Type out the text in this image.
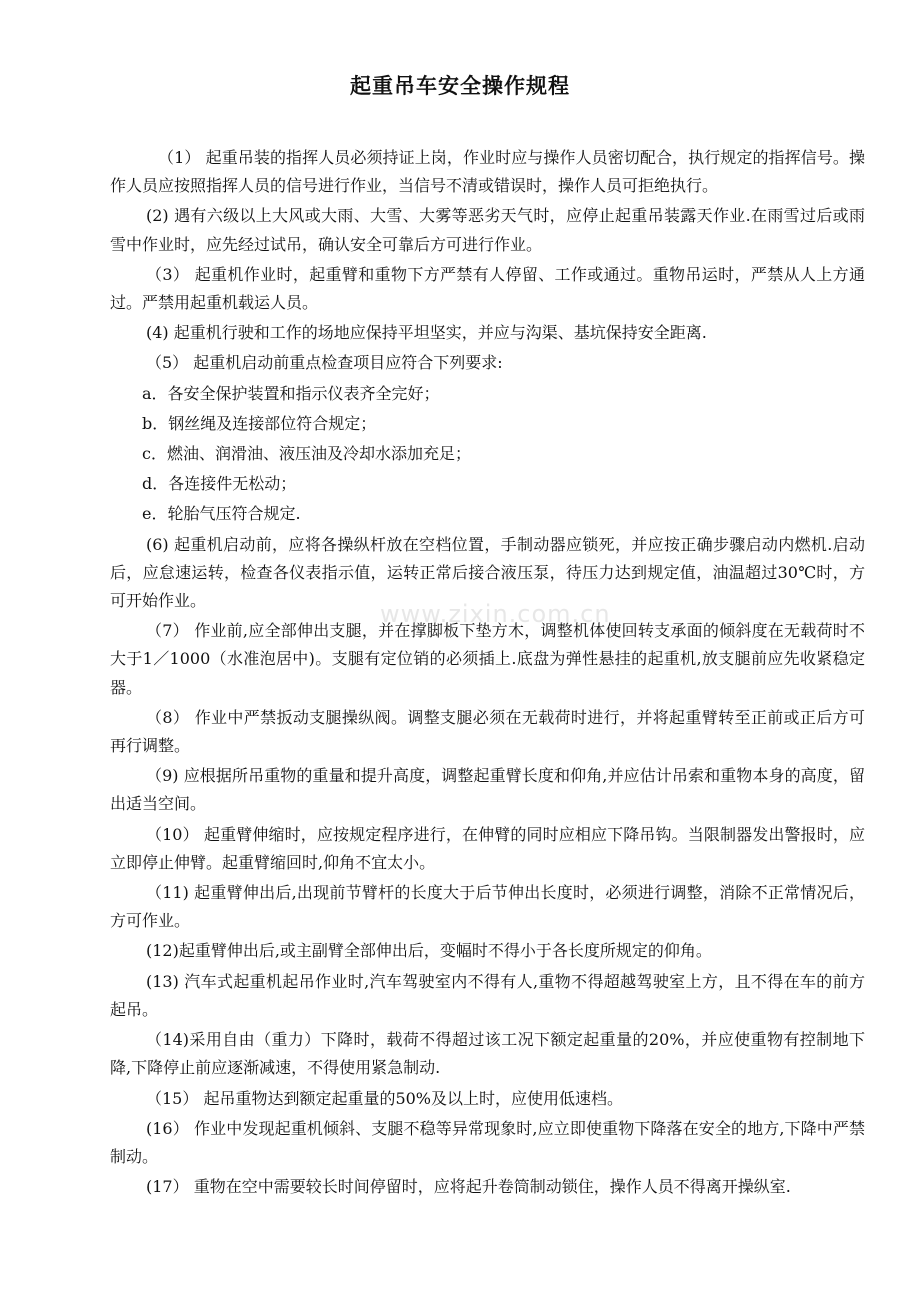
起重吊车安全操作规程
www.zixin.com.cn

（1） 起重吊装的指挥人员必须持证上岗，作业时应与操作人员密切配合，执行规定的指挥信号。操作人员应按照指挥人员的信号进行作业，当信号不清或错误时，操作人员可拒绝执行。

(2) 遇有六级以上大风或大雨、大雪、大雾等恶劣天气时，应停止起重吊装露天作业.在雨雪过后或雨雪中作业时，应先经过试吊，确认安全可靠后方可进行作业。

（3） 起重机作业时，起重臂和重物下方严禁有人停留、工作或通过。重物吊运时，严禁从人上方通过。严禁用起重机载运人员。

(4) 起重机行驶和工作的场地应保持平坦坚实，并应与沟渠、基坑保持安全距离.

（5） 起重机启动前重点检查项目应符合下列要求:

a．各安全保护装置和指示仪表齐全完好；
b．钢丝绳及连接部位符合规定；
c．燃油、润滑油、液压油及冷却水添加充足；
d．各连接件无松动；
e．轮胎气压符合规定.

(6) 起重机启动前，应将各操纵杆放在空档位置，手制动器应锁死，并应按正确步骤启动内燃机.启动后，应怠速运转，检查各仪表指示值，运转正常后接合液压泵，待压力达到规定值，油温超过30℃时，方可开始作业。

（7） 作业前,应全部伸出支腿，并在撑脚板下垫方木，调整机体使回转支承面的倾斜度在无载荷时不大于1／1000（水准泡居中)。支腿有定位销的必须插上.底盘为弹性悬挂的起重机,放支腿前应先收紧稳定器。

（8） 作业中严禁扳动支腿操纵阀。调整支腿必须在无载荷时进行，并将起重臂转至正前或正后方可再行调整。

（9) 应根据所吊重物的重量和提升高度，调整起重臂长度和仰角,并应估计吊索和重物本身的高度，留出适当空间。

（10） 起重臂伸缩时，应按规定程序进行，在伸臂的同时应相应下降吊钩。当限制器发出警报时，应立即停止伸臂。起重臂缩回时,仰角不宜太小。

（11) 起重臂伸出后,出现前节臂杆的长度大于后节伸出长度时，必须进行调整，消除不正常情况后，方可作业。

(12)起重臂伸出后,或主副臂全部伸出后，变幅时不得小于各长度所规定的仰角。

(13) 汽车式起重机起吊作业时,汽车驾驶室内不得有人,重物不得超越驾驶室上方，且不得在车的前方起吊。

（14)采用自由（重力）下降时，载荷不得超过该工况下额定起重量的20%，并应使重物有控制地下降,下降停止前应逐渐减速，不得使用紧急制动.

（15） 起吊重物达到额定起重量的50%及以上时，应使用低速档。

(16） 作业中发现起重机倾斜、支腿不稳等异常现象时,应立即使重物下降落在安全的地方,下降中严禁制动。

(17） 重物在空中需要较长时间停留时，应将起升卷筒制动锁住，操作人员不得离开操纵室.
